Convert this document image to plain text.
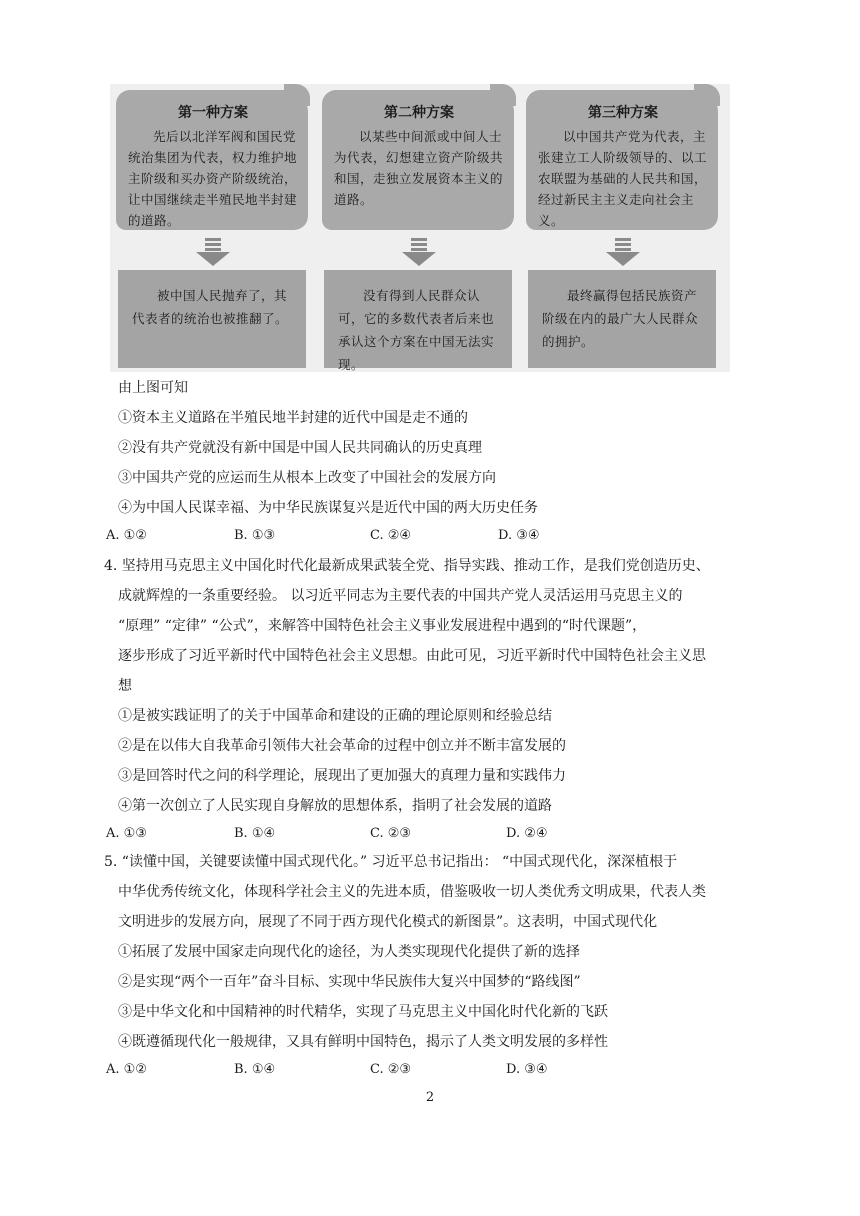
第一种方案
先后以北洋军阀和国民党统治集团为代表，权力维护地主阶级和买办资产阶级统治，让中国继续走半殖民地半封建的道路。
被中国人民抛弃了，其代表者的统治也被推翻了。
第二种方案
以某些中间派或中间人士为代表，幻想建立资产阶级共和国，走独立发展资本主义的道路。
没有得到人民群众认可，它的多数代表者后来也承认这个方案在中国无法实现。
第三种方案
以中国共产党为代表，主张建立工人阶级领导的、以工农联盟为基础的人民共和国，经过新民主主义走向社会主义。
最终赢得包括民族资产阶级在内的最广大人民群众的拥护。
由上图可知
①资本主义道路在半殖民地半封建的近代中国是走不通的
②没有共产党就没有新中国是中国人民共同确认的历史真理
③中国共产党的应运而生从根本上改变了中国社会的发展方向
④为中国人民谋幸福、为中华民族谋复兴是近代中国的两大历史任务
A. ①②	B. ①③	C. ②④	D. ③④
4. 坚持用马克思主义中国化时代化最新成果武装全党、指导实践、推动工作，是我们党创造历史、
成就辉煌的一条重要经验。 以习近平同志为主要代表的中国共产党人灵活运用马克思主义的
“原理” “定律” “公式”，来解答中国特色社会主义事业发展进程中遇到的“时代课题”，
逐步形成了习近平新时代中国特色社会主义思想。由此可见，习近平新时代中国特色社会主义思
想
①是被实践证明了的关于中国革命和建设的正确的理论原则和经验总结
②是在以伟大自我革命引领伟大社会革命的过程中创立并不断丰富发展的
③是回答时代之问的科学理论，展现出了更加强大的真理力量和实践伟力
④第一次创立了人民实现自身解放的思想体系，指明了社会发展的道路
A. ①③	B. ①④	C. ②③	D. ②④
5. “读懂中国，关键要读懂中国式现代化。” 习近平总书记指出： “中国式现代化，深深植根于
中华优秀传统文化，体现科学社会主义的先进本质，借鉴吸收一切人类优秀文明成果，代表人类
文明进步的发展方向，展现了不同于西方现代化模式的新图景”。这表明，中国式现代化
①拓展了发展中国家走向现代化的途径，为人类实现现代化提供了新的选择
②是实现“两个一百年”奋斗目标、实现中华民族伟大复兴中国梦的“路线图”
③是中华文化和中国精神的时代精华，实现了马克思主义中国化时代化新的飞跃
④既遵循现代化一般规律，又具有鲜明中国特色，揭示了人类文明发展的多样性
A. ①②	B. ①④	C. ②③	D. ③④
2
